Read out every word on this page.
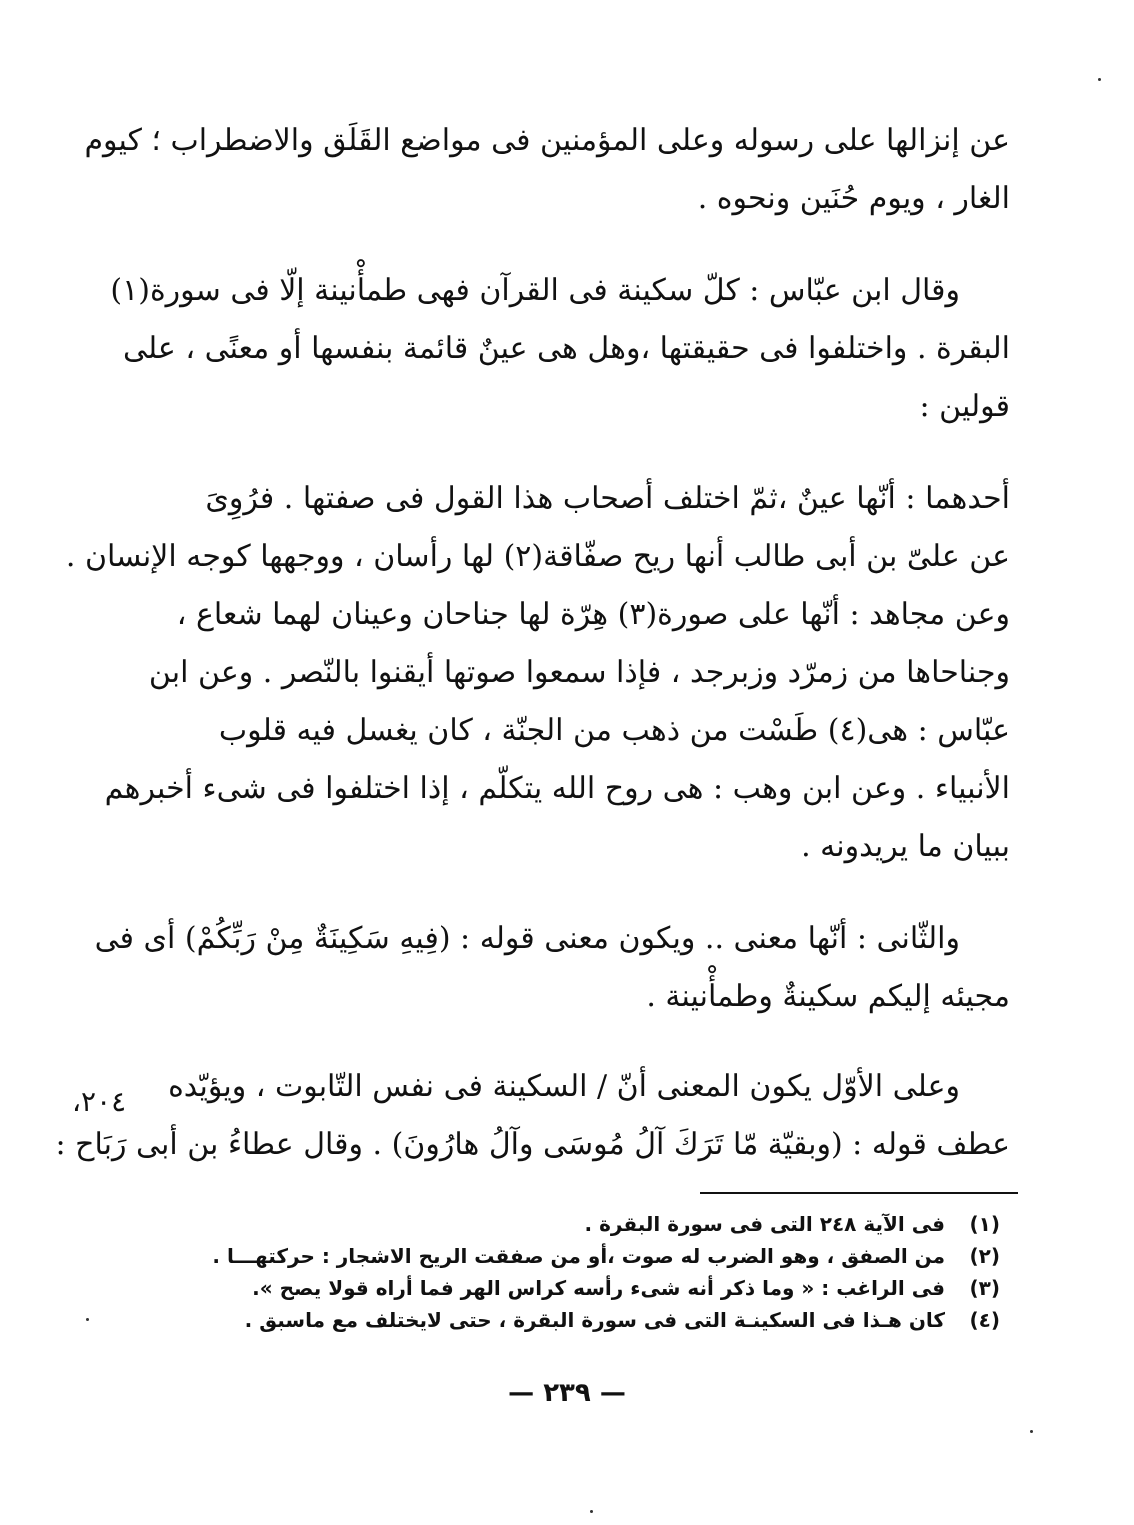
عن إنزالها على رسوله وعلى المؤمنين فى مواضع القَلَق والاضطراب ؛ كيوم
الغار ، ويوم حُنَين ونحوه .
وقال ابن عبّاس : كلّ سكينة فى القرآن فهى طمأْنينة إلّا فى سورة(١)
البقرة . واختلفوا فى حقيقتها ،وهل هى عينٌ قائمة بنفسها أو معنًى ، على
قولين :
أحدهما : أنّها عينٌ ،ثمّ اختلف أصحاب هذا القول فى صفتها . فرُوِىَ
عن علىّ بن أبى طالب أنها ريح صفّاقة(٢) لها رأسان ، ووجهها كوجه الإنسان .
وعن مجاهد : أنّها على صورة(٣) هِرّة لها جناحان وعينان لهما شعاع ،
وجناحاها من زمرّد وزبرجد ، فإذا سمعوا صوتها أيقنوا بالنّصر . وعن ابن
عبّاس : هى(٤) طَسْت من ذهب من الجنّة ، كان يغسل فيه قلوب
الأنبياء . وعن ابن وهب : هى روح الله يتكلّم ، إذا اختلفوا فى شىء أخبرهم
ببيان ما يريدونه .
والثّانى : أنّها معنى .. ويكون معنى قوله : (فِيهِ سَكِينَةٌ مِنْ رَبِّكُمْ) أى فى
مجيئه إليكم سكينةٌ وطمأْنينة .
وعلى الأوّل يكون المعنى أنّ / السكينة فى نفس التّابوت ، ويؤيّده
عطف قوله : (وبقيّة مّا تَرَكَ آلُ مُوسَى وآلُ هارُونَ) . وقال عطاءُ بن أبى رَبَاح :
٢٠٤،
(١) فى الآية ٢٤٨ التى فى سورة البقرة .
(٢) من الصفق ، وهو الضرب له صوت ،أو من صفقت الريح الاشجار : حركتهـــا .
(٣) فى الراغب : « وما ذكر أنه شىء رأسه كراس الهر فما أراه قولا يصح ».
(٤) كان هـذا فى السكينـة التى فى سورة البقرة ، حتى لايختلف مع ماسبق .
— ٢٣٩ —
